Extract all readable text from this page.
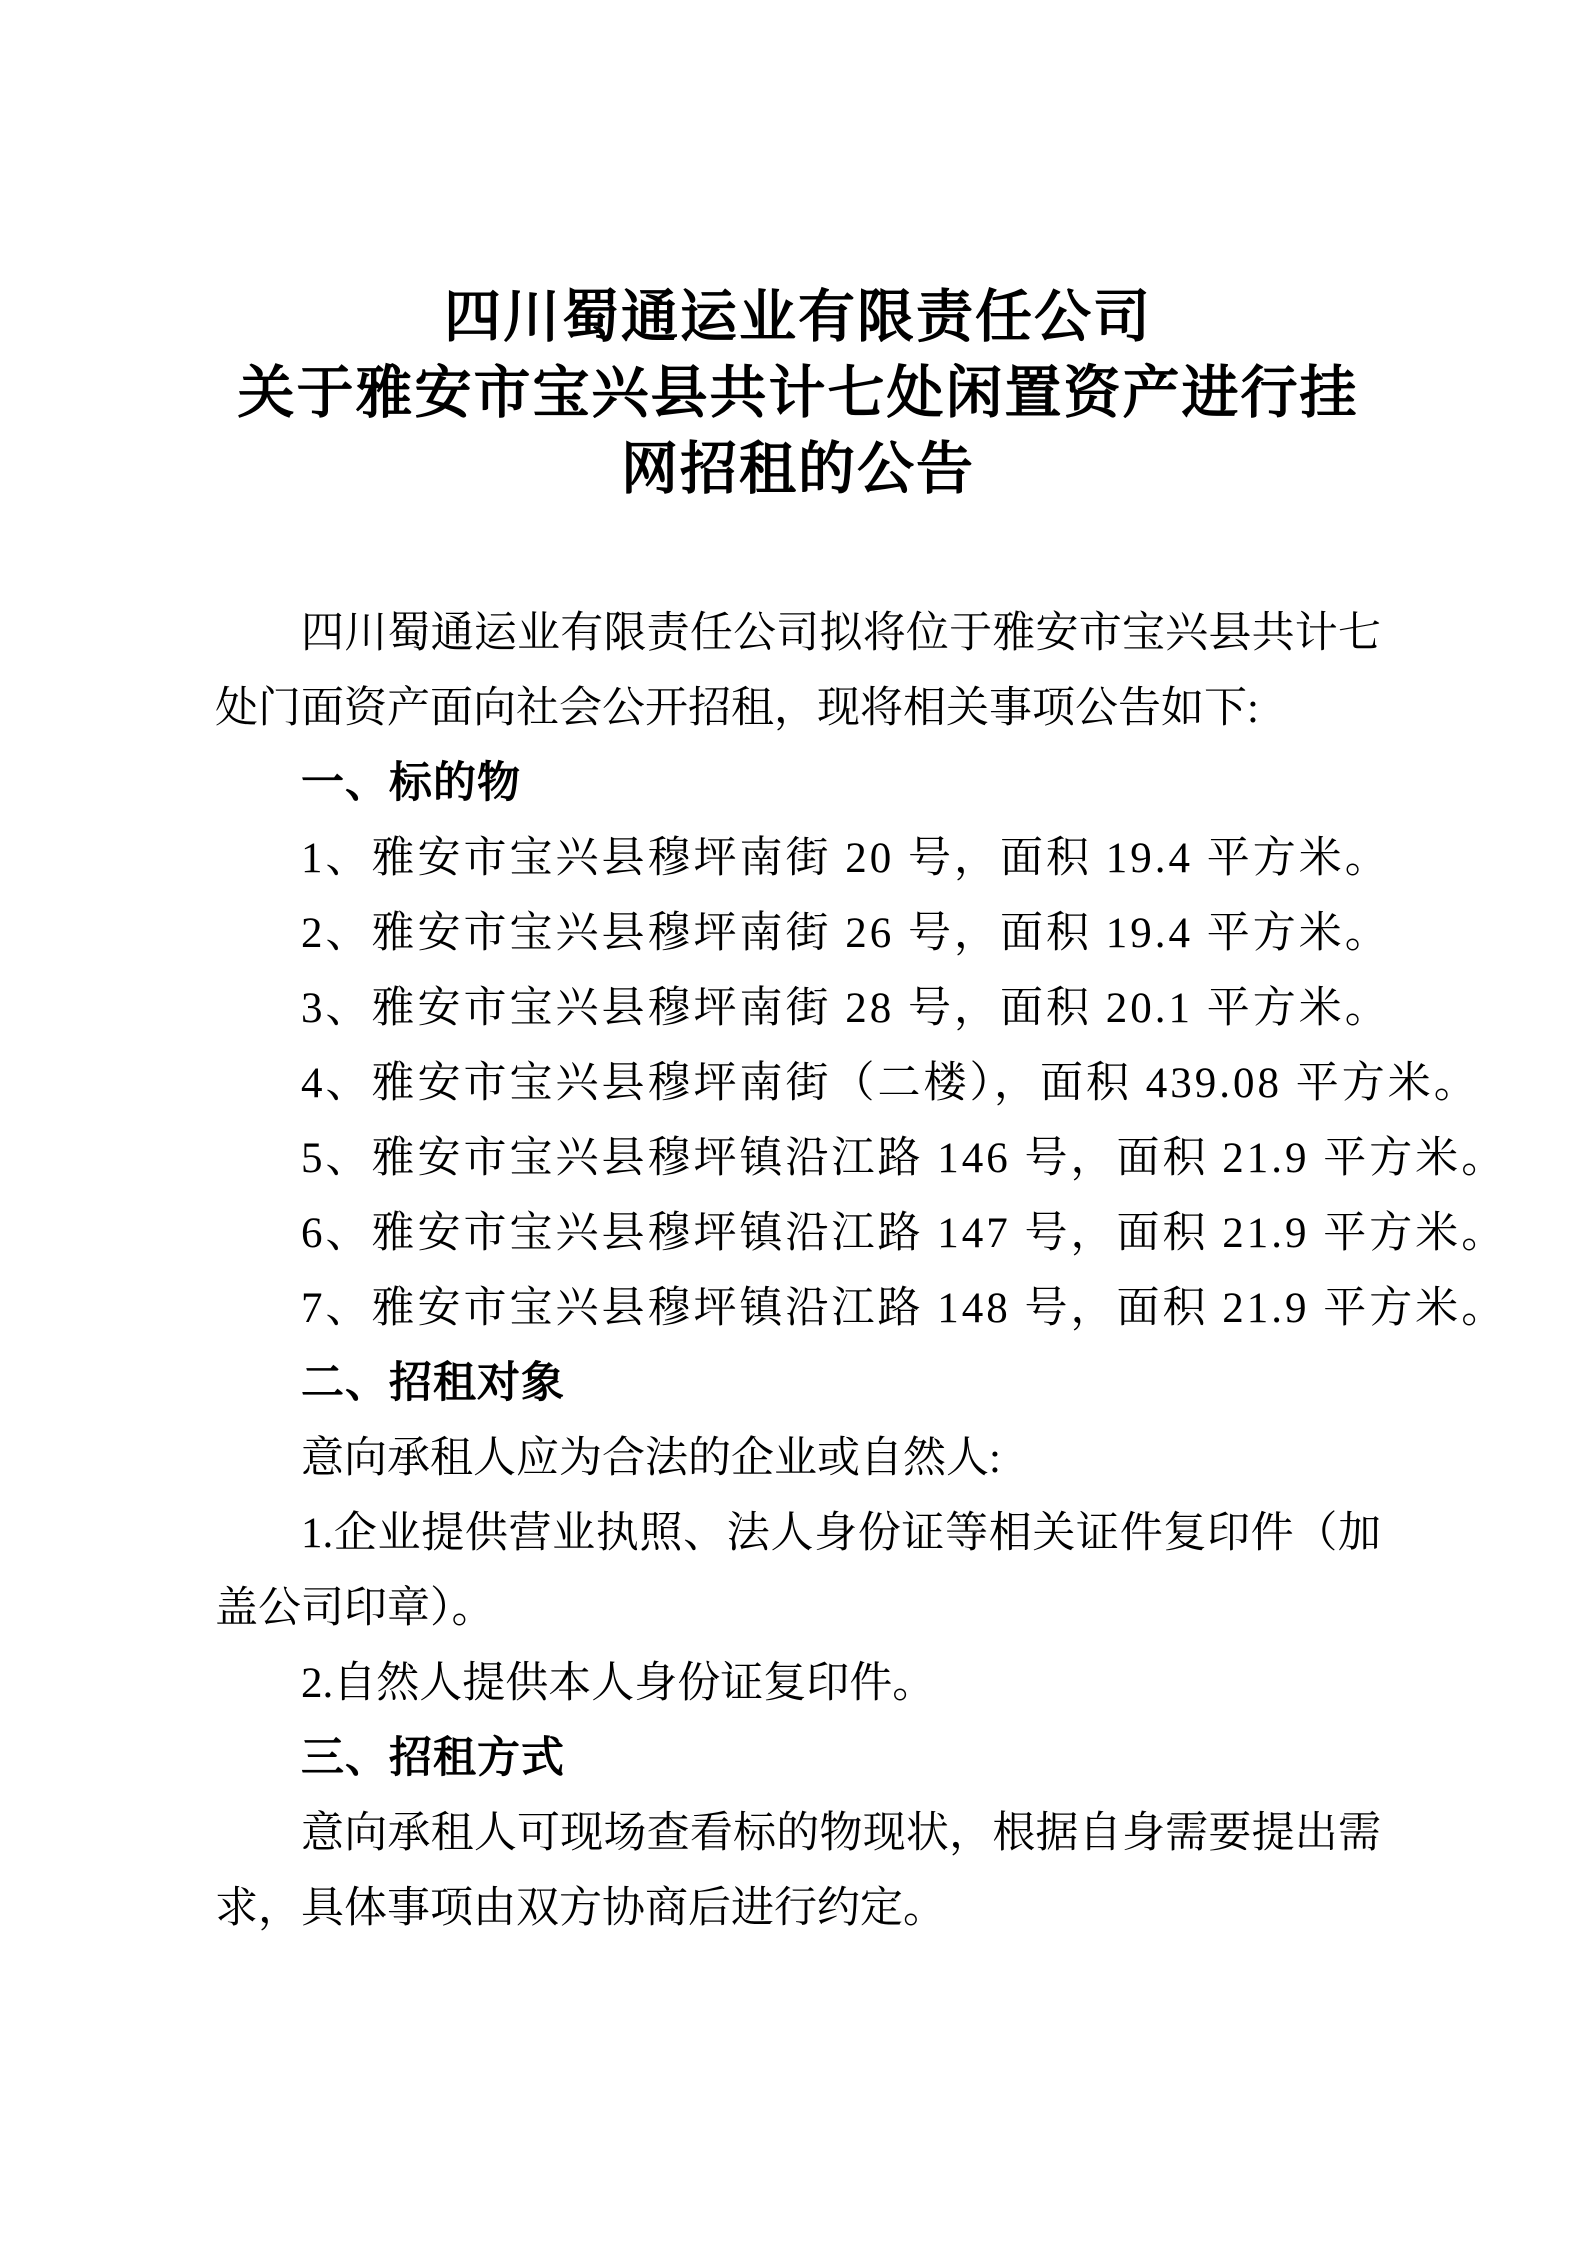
四川蜀通运业有限责任公司
关于雅安市宝兴县共计七处闲置资产进行挂
网招租的公告

四川蜀通运业有限责任公司拟将位于雅安市宝兴县共计七处门面资产面向社会公开招租，现将相关事项公告如下:

一、标的物

1、雅安市宝兴县穆坪南街 20 号，面积 19.4 平方米。

2、雅安市宝兴县穆坪南街 26 号，面积 19.4 平方米。

3、雅安市宝兴县穆坪南街 28 号，面积 20.1 平方米。

4、雅安市宝兴县穆坪南街（二楼），面积 439.08 平方米。

5、雅安市宝兴县穆坪镇沿江路 146 号，面积 21.9 平方米。

6、雅安市宝兴县穆坪镇沿江路 147 号，面积 21.9 平方米。

7、雅安市宝兴县穆坪镇沿江路 148 号，面积 21.9 平方米。

二、招租对象

意向承租人应为合法的企业或自然人:

1.企业提供营业执照、法人身份证等相关证件复印件（加盖公司印章）。

2.自然人提供本人身份证复印件。

三、招租方式

意向承租人可现场查看标的物现状，根据自身需要提出需求，具体事项由双方协商后进行约定。
